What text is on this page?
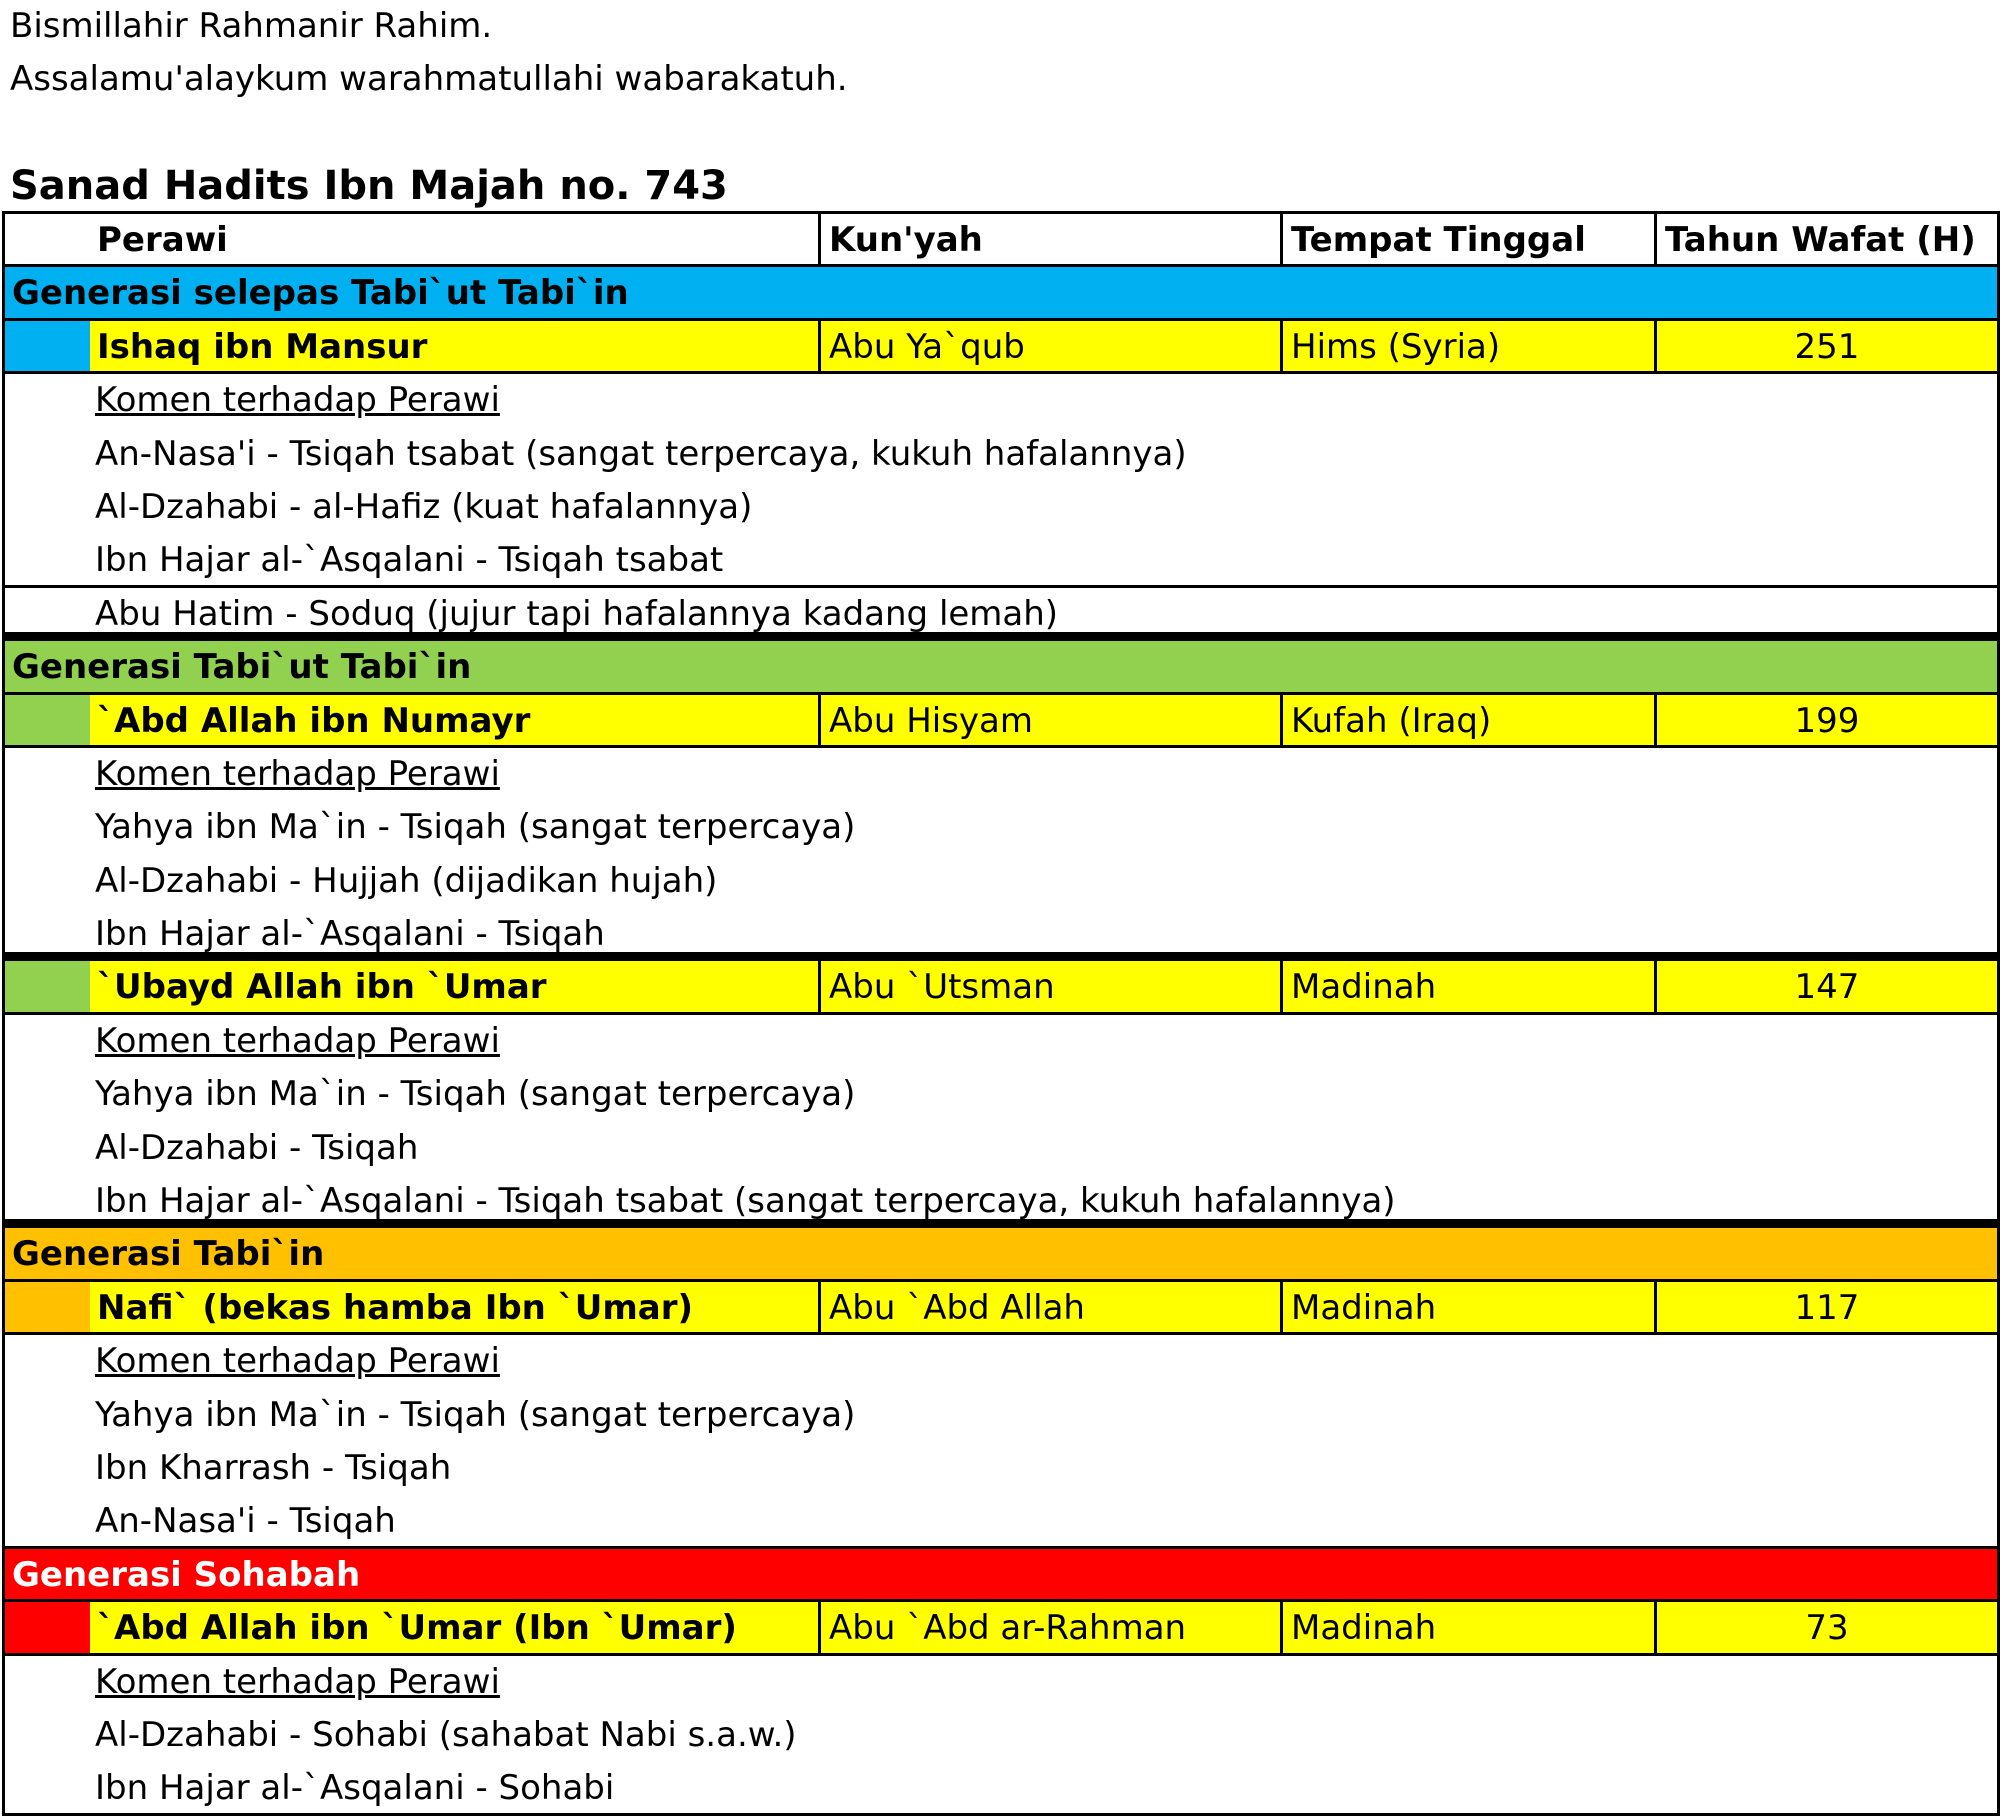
Bismillahir Rahmanir Rahim.
Assalamu'alaykum warahmatullahi wabarakatuh.
Sanad Hadits Ibn Majah no. 743
Perawi	Kun'yah	Tempat Tinggal	Tahun Wafat (H)
Generasi selepas Tabi`ut Tabi`in
Ishaq ibn Mansur	Abu Ya`qub	Hims (Syria)	251
Komen terhadap Perawi
An-Nasa'i - Tsiqah tsabat (sangat terpercaya, kukuh hafalannya)
Al-Dzahabi - al-Hafiz (kuat hafalannya)
Ibn Hajar al-`Asqalani - Tsiqah tsabat
Abu Hatim - Soduq (jujur tapi hafalannya kadang lemah)
Generasi Tabi`ut Tabi`in
`Abd Allah ibn Numayr	Abu Hisyam	Kufah (Iraq)	199
Komen terhadap Perawi
Yahya ibn Ma`in - Tsiqah (sangat terpercaya)
Al-Dzahabi - Hujjah (dijadikan hujah)
Ibn Hajar al-`Asqalani - Tsiqah
`Ubayd Allah ibn `Umar	Abu `Utsman	Madinah	147
Komen terhadap Perawi
Yahya ibn Ma`in - Tsiqah (sangat terpercaya)
Al-Dzahabi - Tsiqah
Ibn Hajar al-`Asqalani - Tsiqah tsabat (sangat terpercaya, kukuh hafalannya)
Generasi Tabi`in
Nafi` (bekas hamba Ibn `Umar)	Abu `Abd Allah	Madinah	117
Komen terhadap Perawi
Yahya ibn Ma`in - Tsiqah (sangat terpercaya)
Ibn Kharrash - Tsiqah
An-Nasa'i - Tsiqah
Generasi Sohabah
`Abd Allah ibn `Umar (Ibn `Umar)	Abu `Abd ar-Rahman	Madinah	73
Komen terhadap Perawi
Al-Dzahabi - Sohabi (sahabat Nabi s.a.w.)
Ibn Hajar al-`Asqalani - Sohabi
